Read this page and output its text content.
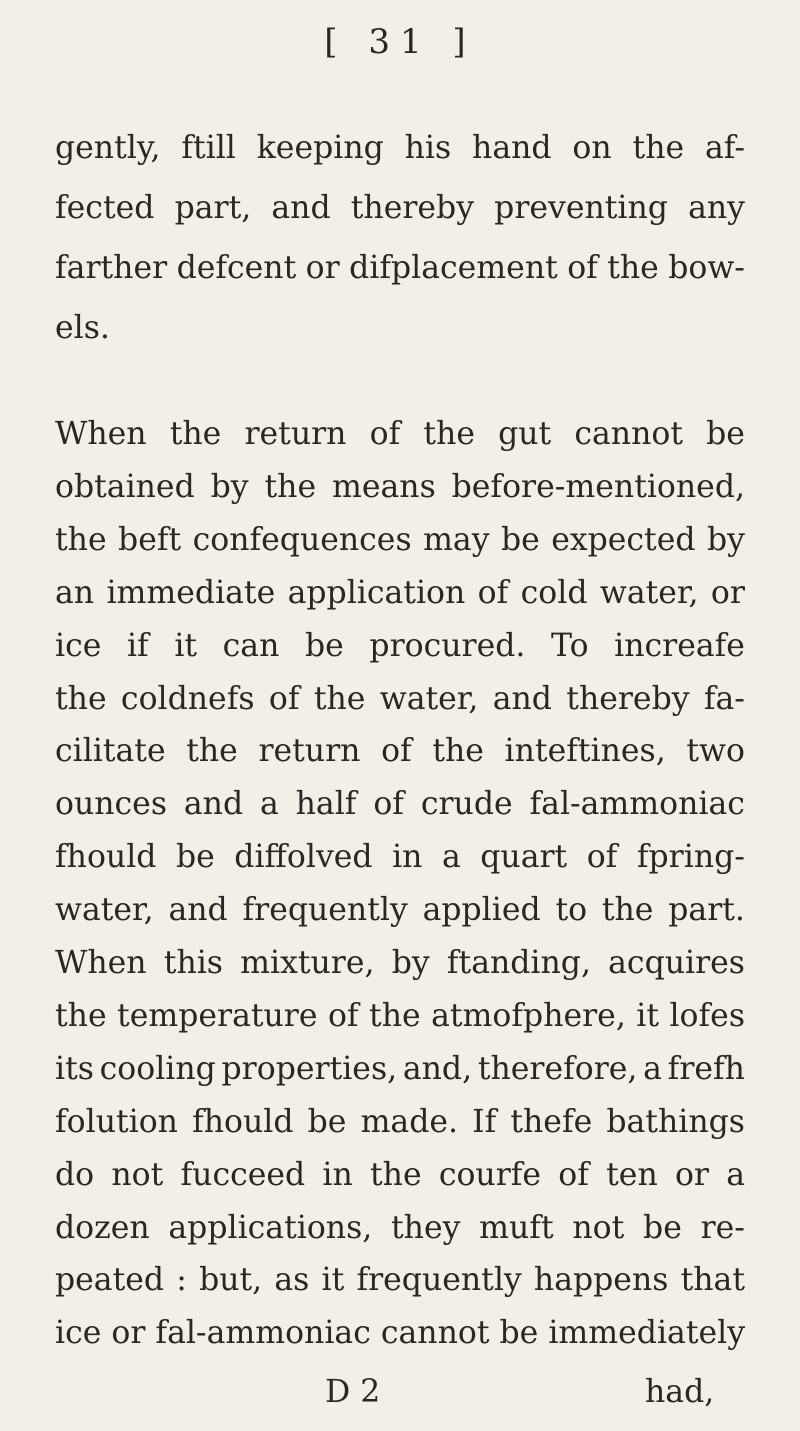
[ 31 ]
gently, ftill keeping his hand on the af-
fected part, and thereby preventing any
farther defcent or difplacement of the bow-
els.
When the return of the gut cannot be
obtained by the means before-mentioned,
the beft confequences may be expected by
an immediate application of cold water, or
ice if it can be procured. To increafe
the coldnefs of the water, and thereby fa-
cilitate the return of the inteftines, two
ounces and a half of crude fal-ammoniac
fhould be diffolved in a quart of fpring-
water, and frequently applied to the part.
When this mixture, by ftanding, acquires
the temperature of the atmofphere, it lofes
its cooling properties, and, therefore, a frefh
folution fhould be made. If thefe bathings
do not fucceed in the courfe of ten or a
dozen applications, they muft not be re-
peated : but, as it frequently happens that
ice or fal-ammoniac cannot be immediately
D 2	had,
